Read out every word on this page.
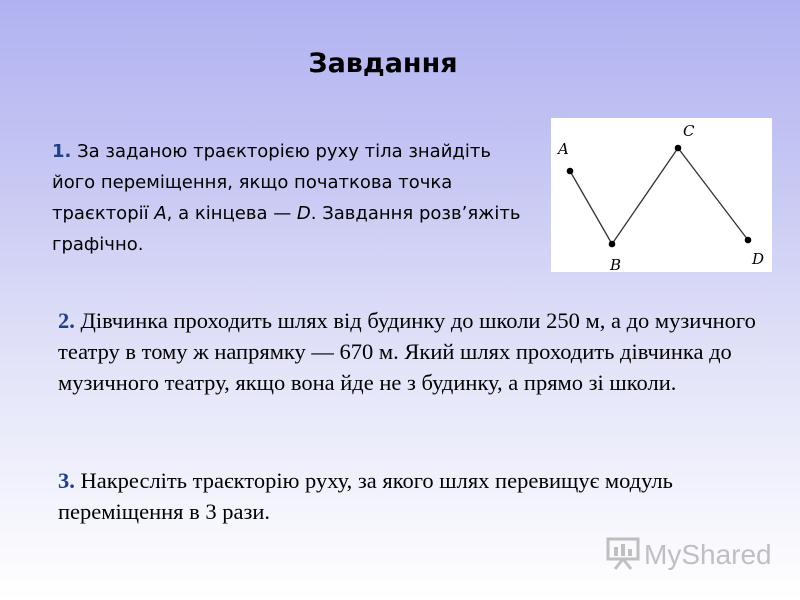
Завдання
1. За заданою траєкторією руху тіла знайдіть його переміщення, якщо початкова точка траєкторії A, а кінцева — D. Завдання розв’яжіть графічно.
A
B
C
D
2. Дівчинка проходить шлях від будинку до школи 250 м, а до музичного театру в тому ж напрямку — 670 м. Який шлях проходить дівчинка до музичного театру, якщо вона йде не з будинку, а прямо зі школи.
3. Накресліть траєкторію руху, за якого шлях перевищує модуль переміщення в 3 рази.
MyShared
